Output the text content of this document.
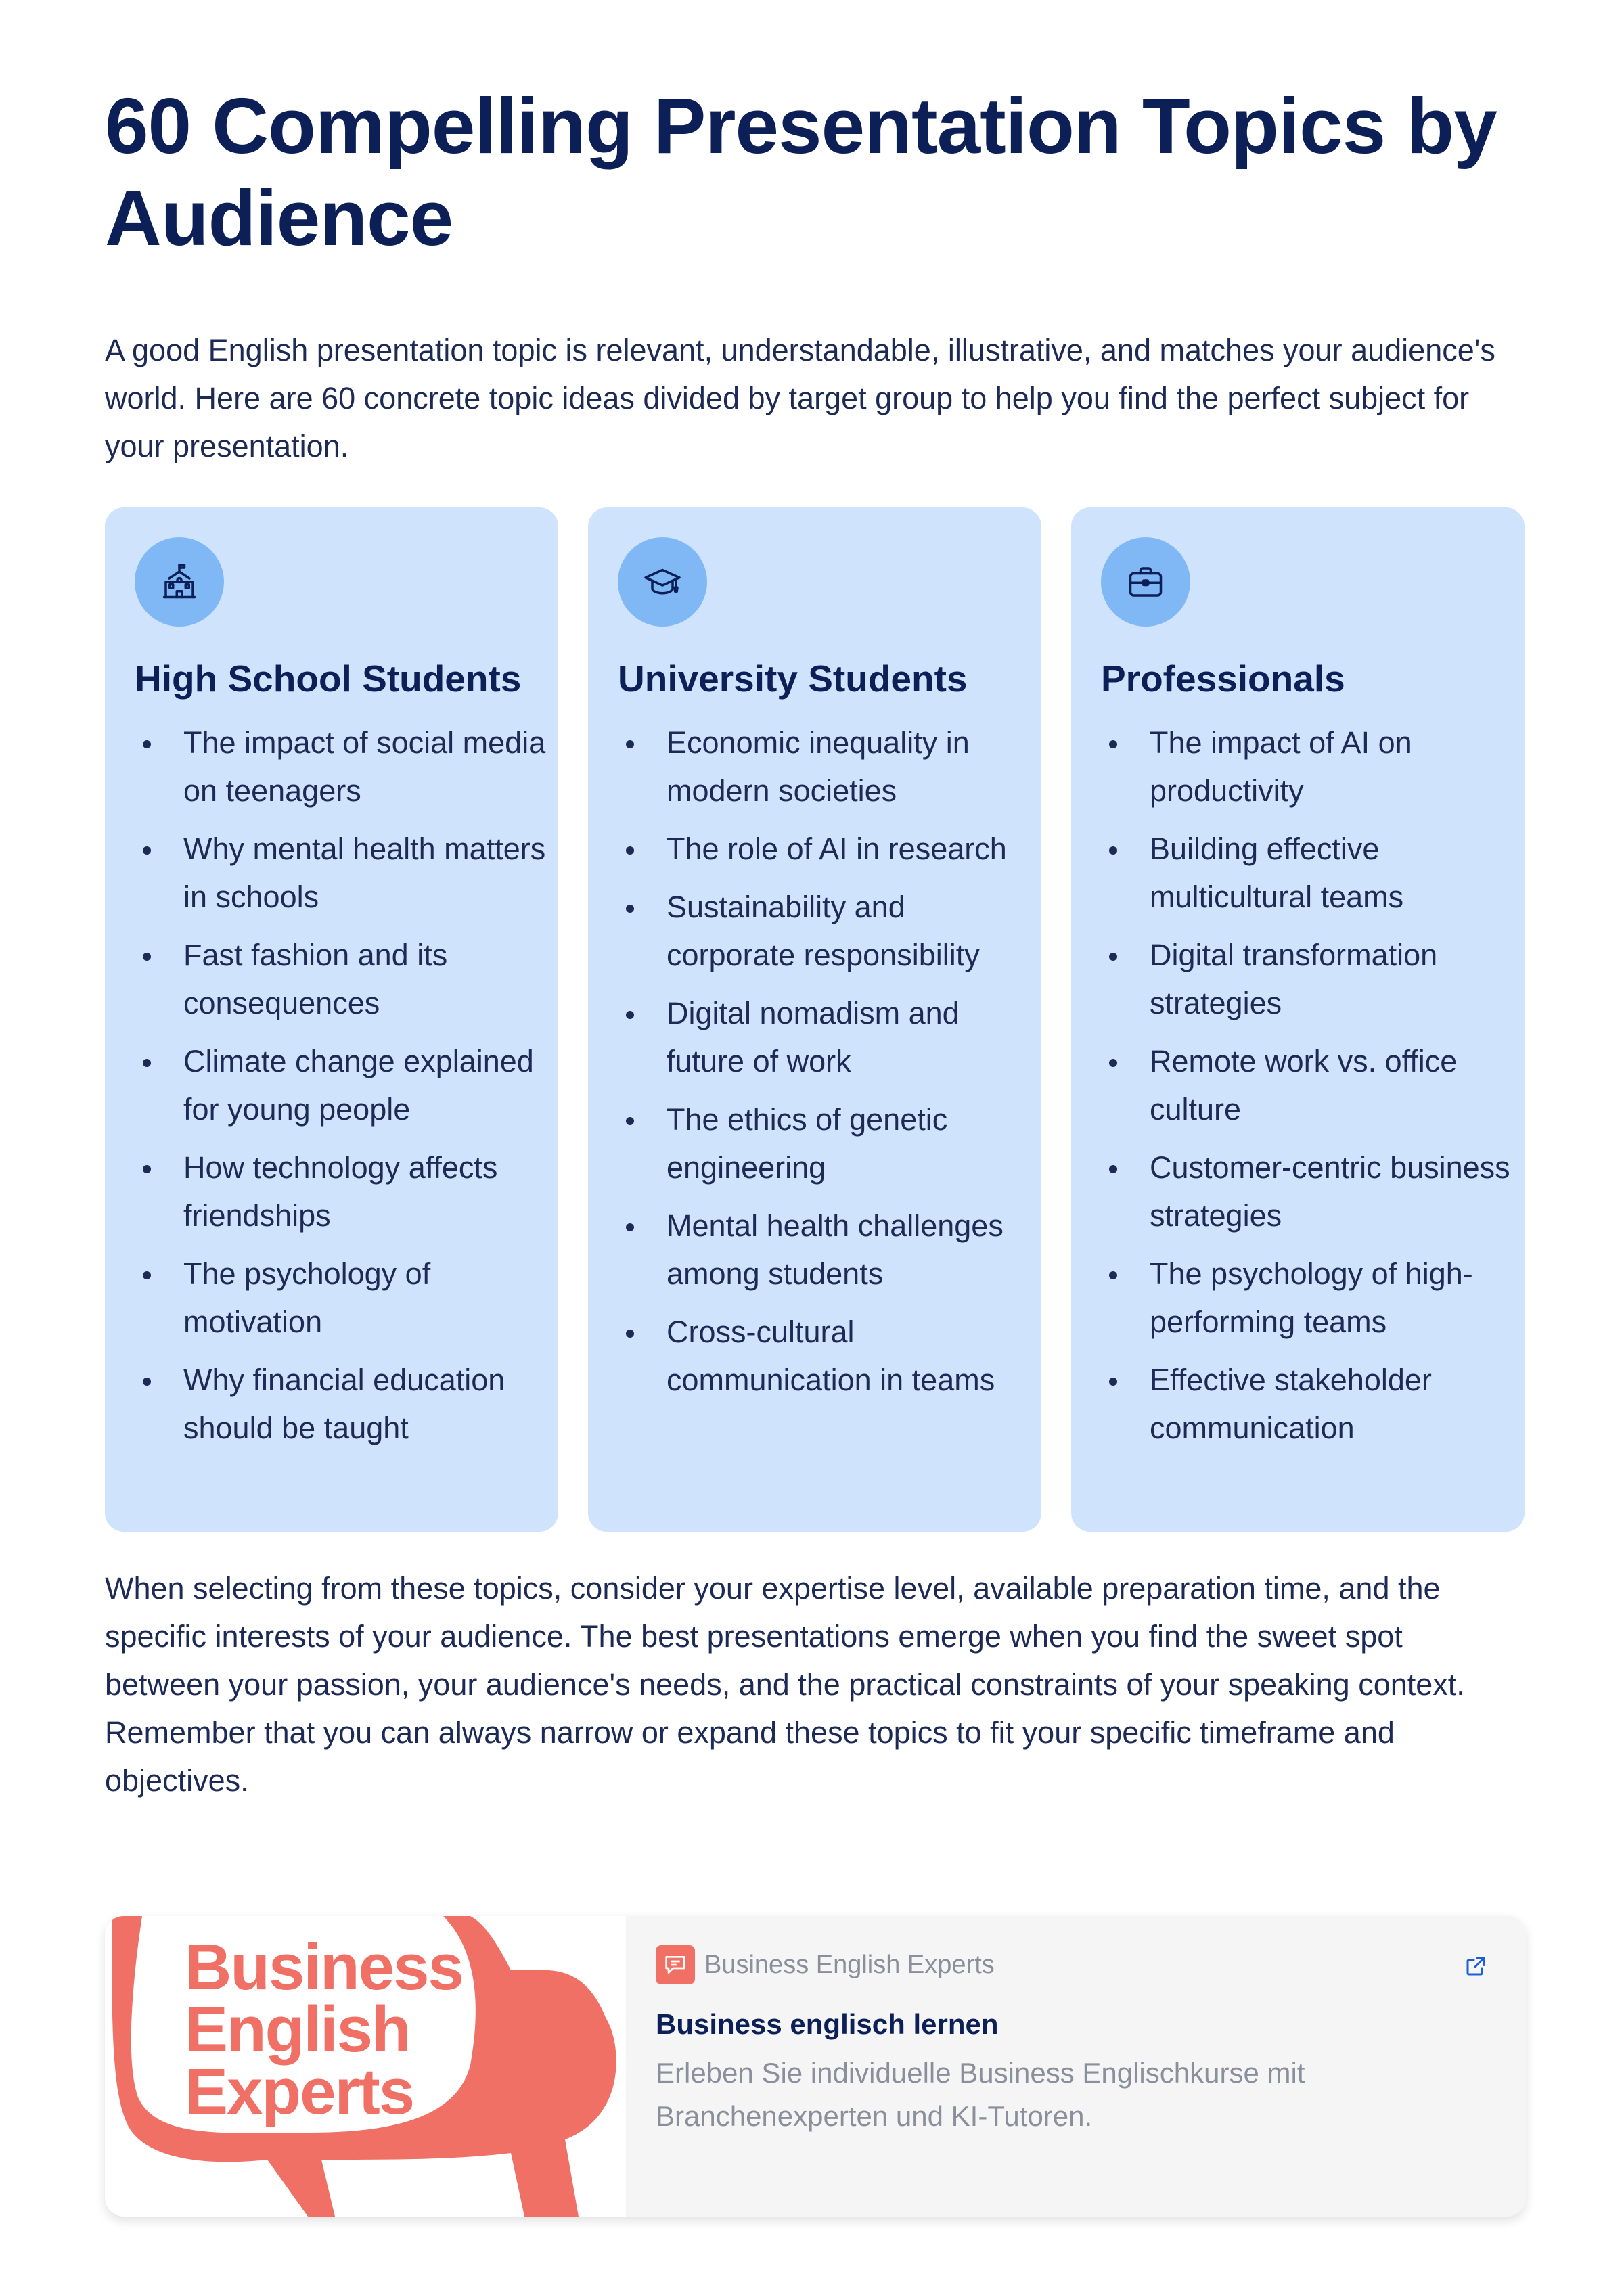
60 Compelling Presentation Topics by Audience

A good English presentation topic is relevant, understandable, illustrative, and matches your audience's world. Here are 60 concrete topic ideas divided by target group to help you find the perfect subject for your presentation.

High School Students
The impact of social media on teenagers
Why mental health matters in schools
Fast fashion and its consequences
Climate change explained for young people
How technology affects friendships
The psychology of motivation
Why financial education should be taught
University Students
Economic inequality in modern societies
The role of AI in research
Sustainability and corporate responsibility
Digital nomadism and future of work
The ethics of genetic engineering
Mental health challenges among students
Cross-cultural communication in teams
Professionals
The impact of AI on productivity
Building effective multicultural teams
Digital transformation strategies
Remote work vs. office culture
Customer-centric business strategies
The psychology of high-performing teams
Effective stakeholder communication

When selecting from these topics, consider your expertise level, available preparation time, and the specific interests of your audience. The best presentations emerge when you find the sweet spot between your passion, your audience's needs, and the practical constraints of your speaking context. Remember that you can always narrow or expand these topics to fit your specific timeframe and objectives.

Business
English
Experts
Business English Experts
Business englisch lernen
Erleben Sie individuelle Business Englischkurse mit Branchenexperten und KI-Tutoren.
